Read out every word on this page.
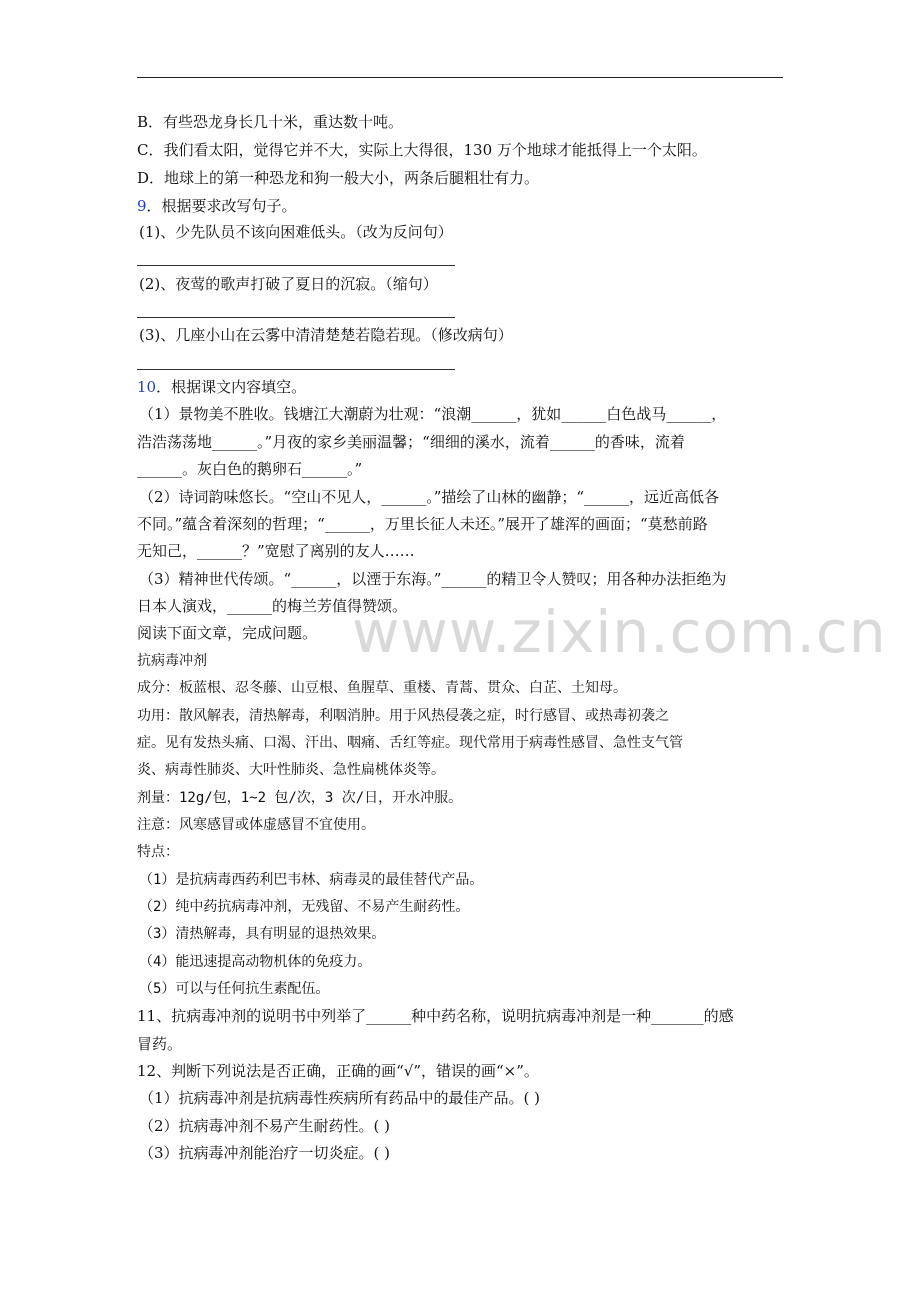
www.zixin.com.cn
B．有些恐龙身长几十米，重达数十吨。
C．我们看太阳，觉得它并不大，实际上大得很，130 万个地球才能抵得上一个太阳。
D．地球上的第一种恐龙和狗一般大小，两条后腿粗壮有力。
9．根据要求改写句子。
(1)、少先队员不该向困难低头。（改为反问句）
(2)、夜莺的歌声打破了夏日的沉寂。（缩句）
(3)、几座小山在云雾中清清楚楚若隐若现。（修改病句）
10．根据课文内容填空。
（1）景物美不胜收。钱塘江大潮蔚为壮观：“浪潮______，犹如______白色战马______，
浩浩荡荡地______。”月夜的家乡美丽温馨；“细细的溪水，流着______的香味，流着
______。灰白色的鹅卵石______。”
（2）诗词韵味悠长。“空山不见人，______。”描绘了山林的幽静；“______，远近高低各
不同。”蕴含着深刻的哲理；“______，万里长征人未还。”展开了雄浑的画面；“莫愁前路
无知己，______？”宽慰了离别的友人……
（3）精神世代传颂。“______，以湮于东海。”______的精卫令人赞叹；用各种办法拒绝为
日本人演戏，______的梅兰芳值得赞颂。
阅读下面文章，完成问题。
抗病毒冲剂
成分：板蓝根、忍冬藤、山豆根、鱼腥草、重楼、青蒿、贯众、白芷、土知母。
功用：散风解表，清热解毒，利咽消肿。用于风热侵袭之症，时行感冒、或热毒初袭之
症。见有发热头痛、口渴、汗出、咽痛、舌红等症。现代常用于病毒性感冒、急性支气管
炎、病毒性肺炎、大叶性肺炎、急性扁桃体炎等。
剂量：12g/包，1~2 包/次，3 次/日，开水冲服。
注意：风寒感冒或体虚感冒不宜使用。
特点：
（1）是抗病毒西药利巴韦林、病毒灵的最佳替代产品。
（2）纯中药抗病毒冲剂，无残留、不易产生耐药性。
（3）清热解毒，具有明显的退热效果。
（4）能迅速提高动物机体的免疫力。
（5）可以与任何抗生素配伍。
11、抗病毒冲剂的说明书中列举了______种中药名称，说明抗病毒冲剂是一种_______的感
冒药。
12、判断下列说法是否正确，正确的画“√”，错误的画“×”。
（1）抗病毒冲剂是抗病毒性疾病所有药品中的最佳产品。( )
（2）抗病毒冲剂不易产生耐药性。( )
（3）抗病毒冲剂能治疗一切炎症。( )
